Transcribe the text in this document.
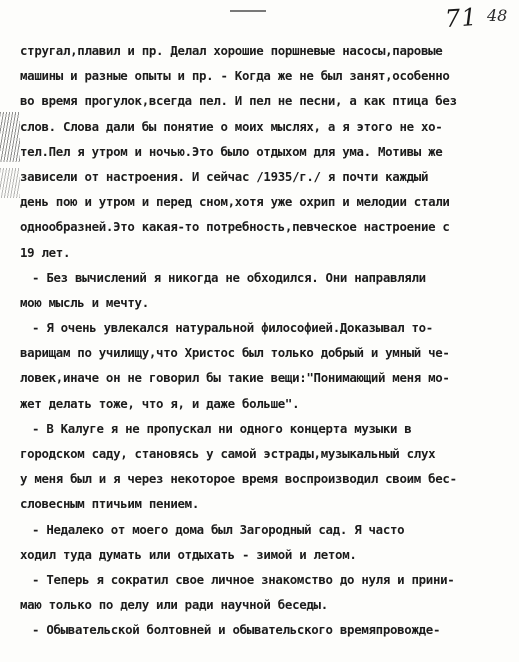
71 48
стругал,плавил и пр. Делал хорошие поршневые насосы,паровые
машины и разные опыты и пр. - Когда же не был занят,особенно
во время прогулок,всегда пел. И пел не песни, а как птица без
слов. Слова дали бы понятие о моих мыслях, а я этого не хо-
тел.Пел я утром и ночью.Это было отдыхом для ума. Мотивы же
зависели от настроения. И сейчас /1935/г./ я почти каждый
день пою и утром и перед сном,хотя уже охрип и мелодии стали
однообразней.Это какая-то потребность,певческое настроение с
19 лет.
- Без вычислений я никогда не обходился. Они направляли
мою мысль и мечту.
- Я очень увлекался натуральной философией.Доказывал то-
варищам по училищу,что Христос был только добрый и умный че-
ловек,иначе он не говорил бы такие вещи:"Понимающий меня мо-
жет делать тоже, что я, и даже больше".
- В Калуге я не пропускал ни одного концерта музыки в
городском саду, становясь у самой эстрады,музыкальный слух
у меня был и я через некоторое время воспроизводил своим бес-
словесным птичьим пением.
- Недалеко от моего дома был Загородный сад. Я часто
ходил туда думать или отдыхать - зимой и летом.
- Теперь я сократил свое личное знакомство до нуля и прини-
маю только по делу или ради научной беседы.
- Обывательской болтовней и обывательского времяпровожде-
